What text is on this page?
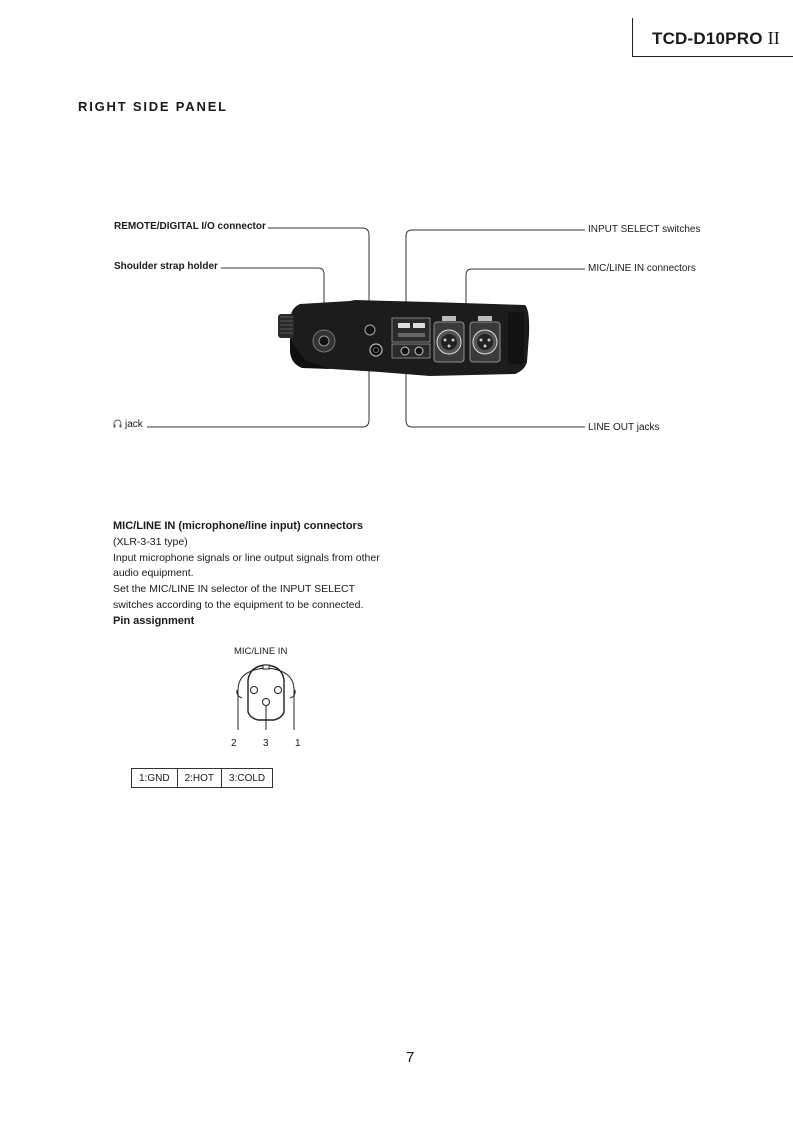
TCD-D10PRO II
RIGHT SIDE PANEL
REMOTE/DIGITAL I/O connector
Shoulder strap holder
jack
INPUT SELECT switches
MIC/LINE IN connectors
LINE OUT jacks
MIC/LINE IN (microphone/line input) connectors
(XLR-3-31 type)
Input microphone signals or line output signals from other
audio equipment.
Set the MIC/LINE IN selector of the INPUT SELECT
switches according to the equipment to be connected.
Pin assignment
MIC/LINE IN
2	3	1
1:GND	2:HOT	3:COLD
7
